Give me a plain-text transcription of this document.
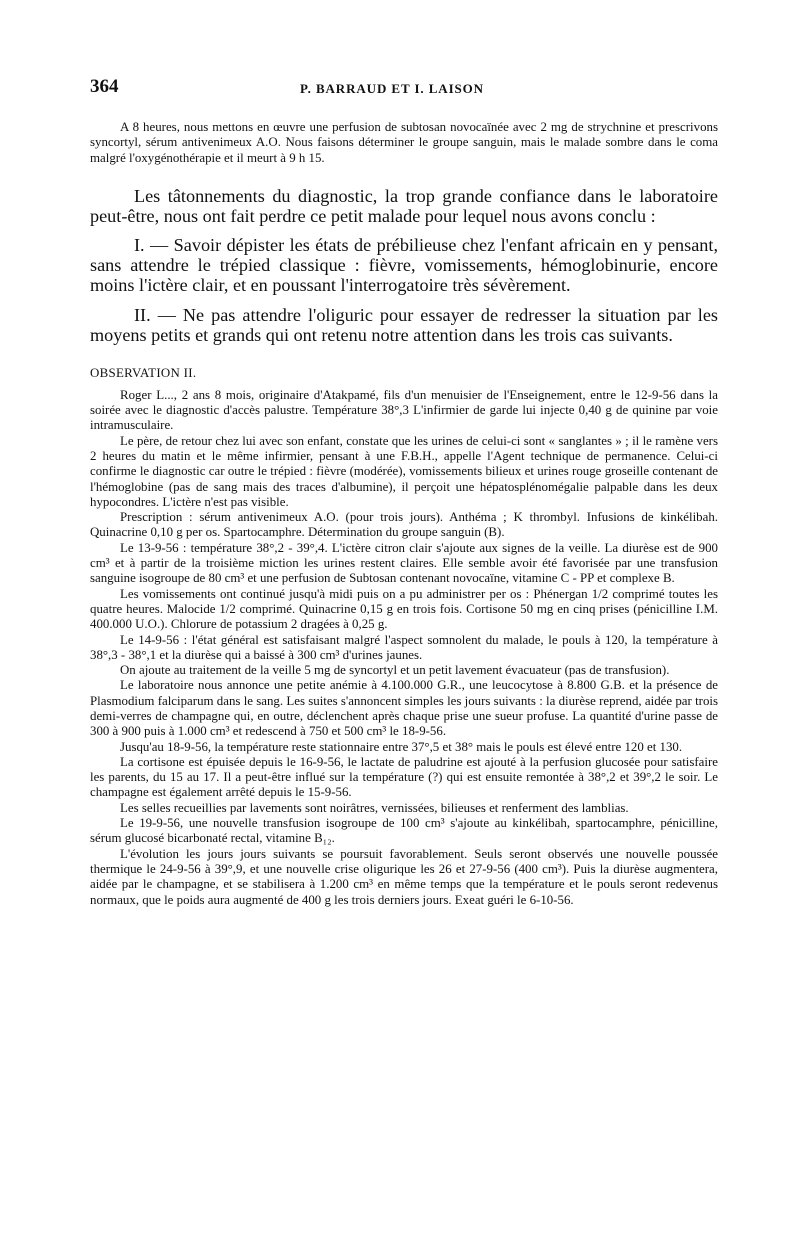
364	P. BARRAUD ET I. LAISON

A 8 heures, nous mettons en œuvre une perfusion de subtosan novocaïnée avec 2 mg de strychnine et prescrivons syncortyl, sérum antivenimeux A.O. Nous faisons déterminer le groupe sanguin, mais le malade sombre dans le coma malgré l'oxygénothérapie et il meurt à 9 h 15.

Les tâtonnements du diagnostic, la trop grande confiance dans le laboratoire peut-être, nous ont fait perdre ce petit malade pour lequel nous avons conclu :

I. — Savoir dépister les états de prébilieuse chez l'enfant africain en y pensant, sans attendre le trépied classique : fièvre, vomissements, hémoglobinurie, encore moins l'ictère clair, et en poussant l'interrogatoire très sévèrement.

II. — Ne pas attendre l'oliguric pour essayer de redresser la situation par les moyens petits et grands qui ont retenu notre attention dans les trois cas suivants.

OBSERVATION II.

Roger L..., 2 ans 8 mois, originaire d'Atakpamé, fils d'un menuisier de l'Enseignement, entre le 12-9-56 dans la soirée avec le diagnostic d'accès palustre. Température 38°,3 L'infirmier de garde lui injecte 0,40 g de quinine par voie intramusculaire.

Le père, de retour chez lui avec son enfant, constate que les urines de celui-ci sont « sanglantes » ; il le ramène vers 2 heures du matin et le même infirmier, pensant à une F.B.H., appelle l'Agent technique de permanence. Celui-ci confirme le diagnostic car outre le trépied : fièvre (modérée), vomissements bilieux et urines rouge groseille contenant de l'hémoglobine (pas de sang mais des traces d'albumine), il perçoit une hépatosplénomégalie palpable dans les deux hypocondres. L'ictère n'est pas visible.

Prescription : sérum antivenimeux A.O. (pour trois jours). Anthéma ; K thrombyl. Infusions de kinkélibah. Quinacrine 0,10 g per os. Spartocamphre. Détermination du groupe sanguin (B).

Le 13-9-56 : température 38°,2 - 39°,4. L'ictère citron clair s'ajoute aux signes de la veille. La diurèse est de 900 cm³ et à partir de la troisième miction les urines restent claires. Elle semble avoir été favorisée par une transfusion sanguine isogroupe de 80 cm³ et une perfusion de Subtosan contenant novocaïne, vitamine C - PP et complexe B.

Les vomissements ont continué jusqu'à midi puis on a pu administrer per os : Phénergan 1/2 comprimé toutes les quatre heures. Malocide 1/2 comprimé. Quinacrine 0,15 g en trois fois. Cortisone 50 mg en cinq prises (pénicilline I.M. 400.000 U.O.). Chlorure de potassium 2 dragées à 0,25 g.

Le 14-9-56 : l'état général est satisfaisant malgré l'aspect somnolent du malade, le pouls à 120, la température à 38°,3 - 38°,1 et la diurèse qui a baissé à 300 cm³ d'urines jaunes.

On ajoute au traitement de la veille 5 mg de syncortyl et un petit lavement évacuateur (pas de transfusion).

Le laboratoire nous annonce une petite anémie à 4.100.000 G.R., une leucocytose à 8.800 G.B. et la présence de Plasmodium falciparum dans le sang. Les suites s'annoncent simples les jours suivants : la diurèse reprend, aidée par trois demi-verres de champagne qui, en outre, déclenchent après chaque prise une sueur profuse. La quantité d'urine passe de 300 à 900 puis à 1.000 cm³ et redescend à 750 et 500 cm³ le 18-9-56.

Jusqu'au 18-9-56, la température reste stationnaire entre 37°,5 et 38° mais le pouls est élevé entre 120 et 130.

La cortisone est épuisée depuis le 16-9-56, le lactate de paludrine est ajouté à la perfusion glucosée pour satisfaire les parents, du 15 au 17. Il a peut-être influé sur la température (?) qui est ensuite remontée à 38°,2 et 39°,2 le soir. Le champagne est également arrêté depuis le 15-9-56.

Les selles recueillies par lavements sont noirâtres, vernissées, bilieuses et renferment des lamblias.

Le 19-9-56, une nouvelle transfusion isogroupe de 100 cm³ s'ajoute au kinkélibah, spartocamphre, pénicilline, sérum glucosé bicarbonaté rectal, vitamine B₁₂.

L'évolution les jours jours suivants se poursuit favorablement. Seuls seront observés une nouvelle poussée thermique le 24-9-56 à 39°,9, et une nouvelle crise oligurique les 26 et 27-9-56 (400 cm³). Puis la diurèse augmentera, aidée par le champagne, et se stabilisera à 1.200 cm³ en même temps que la température et le pouls seront redevenus normaux, que le poids aura augmenté de 400 g les trois derniers jours. Exeat guéri le 6-10-56.
